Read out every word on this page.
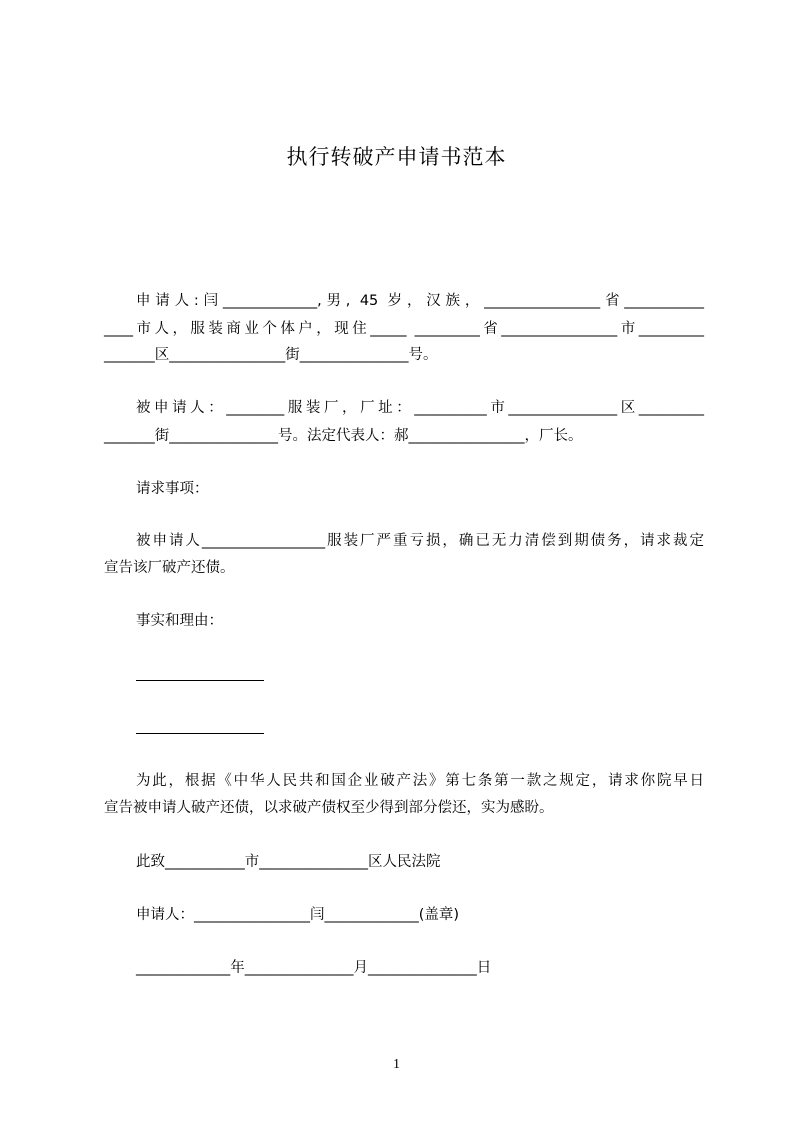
执行转破产申请书范本
申请人:闫_____________,男, 45 岁，汉族，________________省___________
____市人，服装商业个体户，现住_____ _________省________________市_________
_______区________________街_______________号。
被申请人：________服装厂，厂址：__________市_______________区_________
_______街_______________号。法定代表人：郝________________，厂长。
请求事项：
被申请人_________________服装厂严重亏损，确已无力清偿到期债务，请求裁定
宣告该厂破产还债。
事实和理由：
为此，根据《中华人民共和国企业破产法》第七条第一款之规定，请求你院早日
宣告被申请人破产还债，以求破产债权至少得到部分偿还，实为感盼。
此致___________市_______________区人民法院
申请人：________________闫_____________(盖章)
_____________年_______________月_______________日
1
